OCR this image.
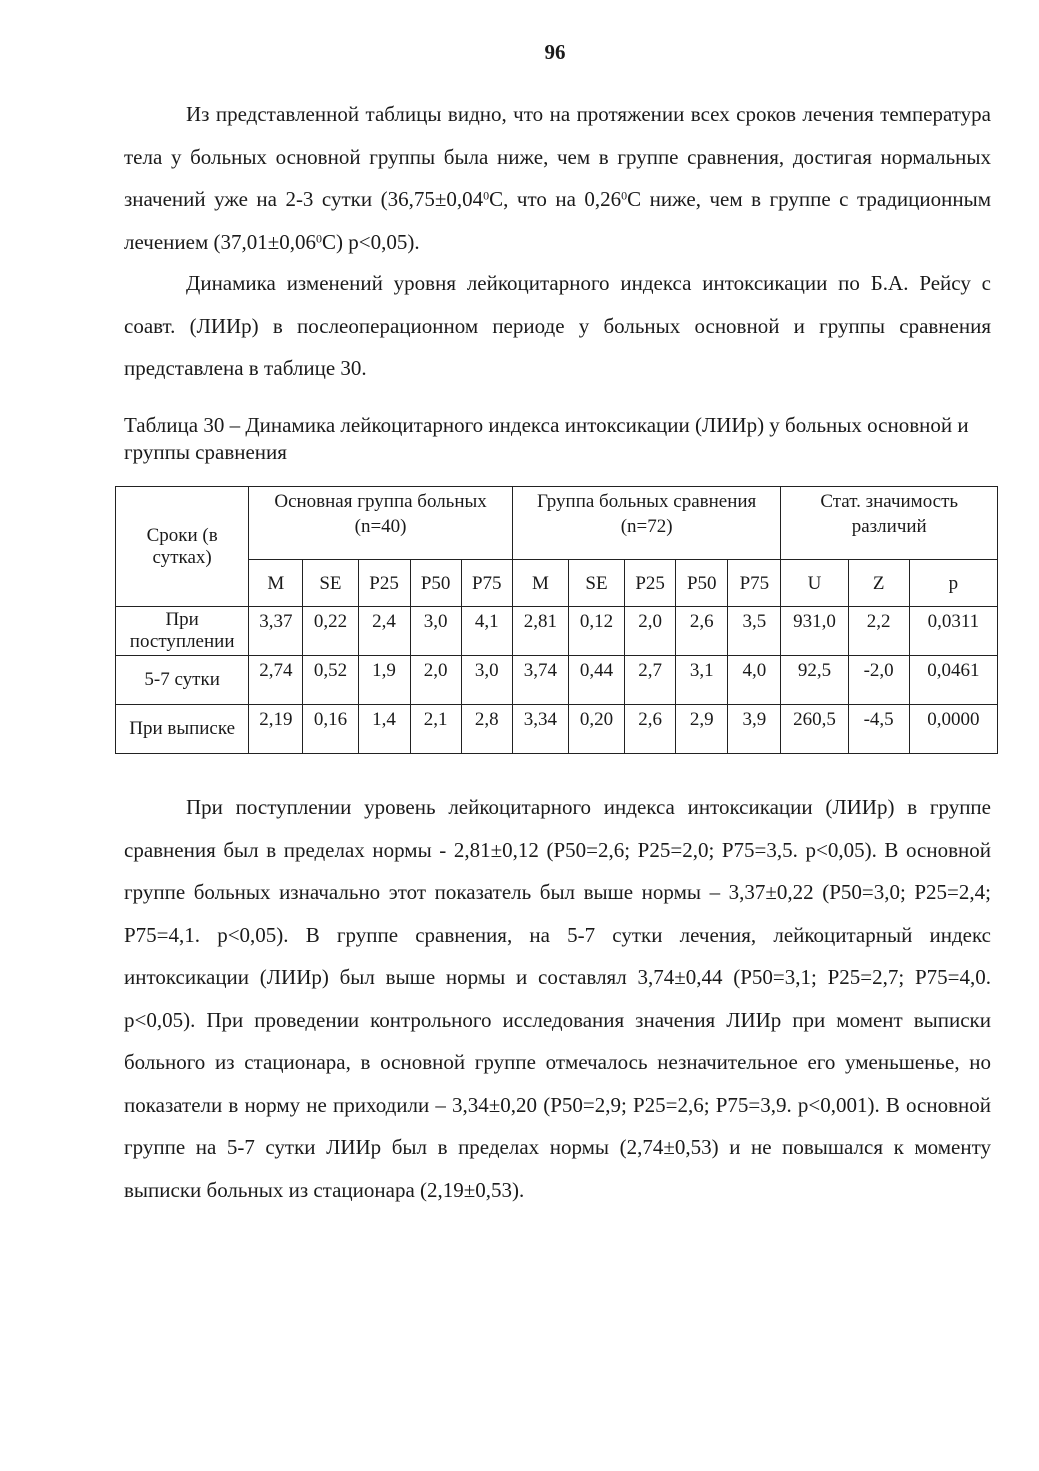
96

Из представленной таблицы видно, что на протяжении всех сроков лечения температура тела у больных основной группы была ниже, чем в группе сравнения, достигая нормальных значений уже на 2-3 сутки ($36,75\pm 0,04^0С$, что на 0,26$^0$С ниже, чем в группе с традиционным лечением $(37,01\pm 0,06^0С)$ p<0,05).

Динамика изменений уровня лейкоцитарного индекса интоксикации по Б.А. Рейсу с соавт. (ЛИИр) в послеоперационном периоде у больных основной и группы сравнения представлена в таблице 30.

Таблица 30 – Динамика лейкоцитарного индекса интоксикации (ЛИИр) у больных основной и группы сравнения

Сроки (в сутках)	Основная группа больных (n=40)					Группа больных сравнения (n=72)					Стат. значимость различий		
	M	SE	P25	P50	P75	M	SE	P25	P50	P75	U	Z	p
При поступлении	3,37	0,22	2,4	3,0	4,1	2,81	0,12	2,0	2,6	3,5	931,0	2,2	0,0311
5-7 сутки	2,74	0,52	1,9	2,0	3,0	3,74	0,44	2,7	3,1	4,0	92,5	-2,0	0,0461
При выписке	2,19	0,16	1,4	2,1	2,8	3,34	0,20	2,6	2,9	3,9	260,5	-4,5	0,0000

При поступлении уровень лейкоцитарного индекса интоксикации (ЛИИр) в группе сравнения был в пределах нормы - 2,81±0,12 (P50=2,6; P25=2,0; P75=3,5. p<0,05). В основной группе больных изначально этот показатель был выше нормы – 3,37±0,22 (P50=3,0; P25=2,4; P75=4,1. p<0,05). В группе сравнения, на 5-7 сутки лечения, лейкоцитарный индекс интоксикации (ЛИИр) был выше нормы и составлял 3,74±0,44 (P50=3,1; P25=2,7; P75=4,0. p<0,05). При проведении контрольного исследования значения ЛИИр при момент выписки больного из стационара, в основной группе отмечалось незначительное его уменьшенье, но показатели в норму не приходили – 3,34±0,20 (P50=2,9; P25=2,6; P75=3,9. p<0,001). В основной группе на 5-7 сутки ЛИИр был в пределах нормы (2,74±0,53) и не повышался к моменту выписки больных из стационара (2,19±0,53).
